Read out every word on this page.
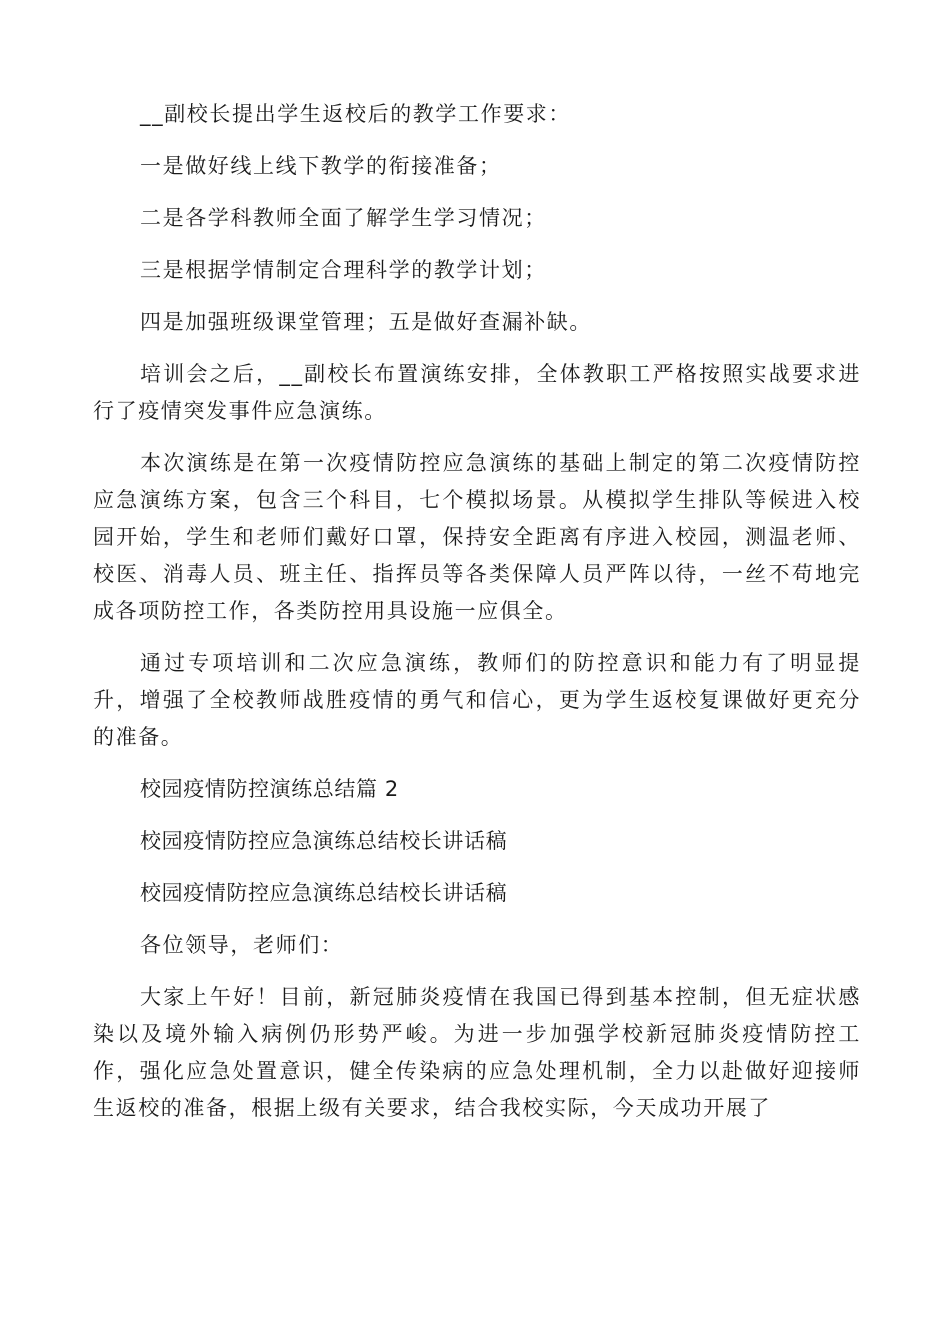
__副校长提出学生返校后的教学工作要求：

一是做好线上线下教学的衔接准备；

二是各学科教师全面了解学生学习情况；

三是根据学情制定合理科学的教学计划；

四是加强班级课堂管理；五是做好查漏补缺。

培训会之后，__副校长布置演练安排，全体教职工严格按照实战要求进行了疫情突发事件应急演练。

本次演练是在第一次疫情防控应急演练的基础上制定的第二次疫情防控应急演练方案，包含三个科目，七个模拟场景。从模拟学生排队等候进入校园开始，学生和老师们戴好口罩，保持安全距离有序进入校园，测温老师、校医、消毒人员、班主任、指挥员等各类保障人员严阵以待，一丝不苟地完成各项防控工作，各类防控用具设施一应俱全。

通过专项培训和二次应急演练，教师们的防控意识和能力有了明显提升，增强了全校教师战胜疫情的勇气和信心，更为学生返校复课做好更充分的准备。

校园疫情防控演练总结篇 2

校园疫情防控应急演练总结校长讲话稿

校园疫情防控应急演练总结校长讲话稿

各位领导，老师们：

大家上午好！目前，新冠肺炎疫情在我国已得到基本控制，但无症状感染以及境外输入病例仍形势严峻。为进一步加强学校新冠肺炎疫情防控工作，强化应急处置意识，健全传染病的应急处理机制，全力以赴做好迎接师生返校的准备，根据上级有关要求，结合我校实际，今天成功开展了
